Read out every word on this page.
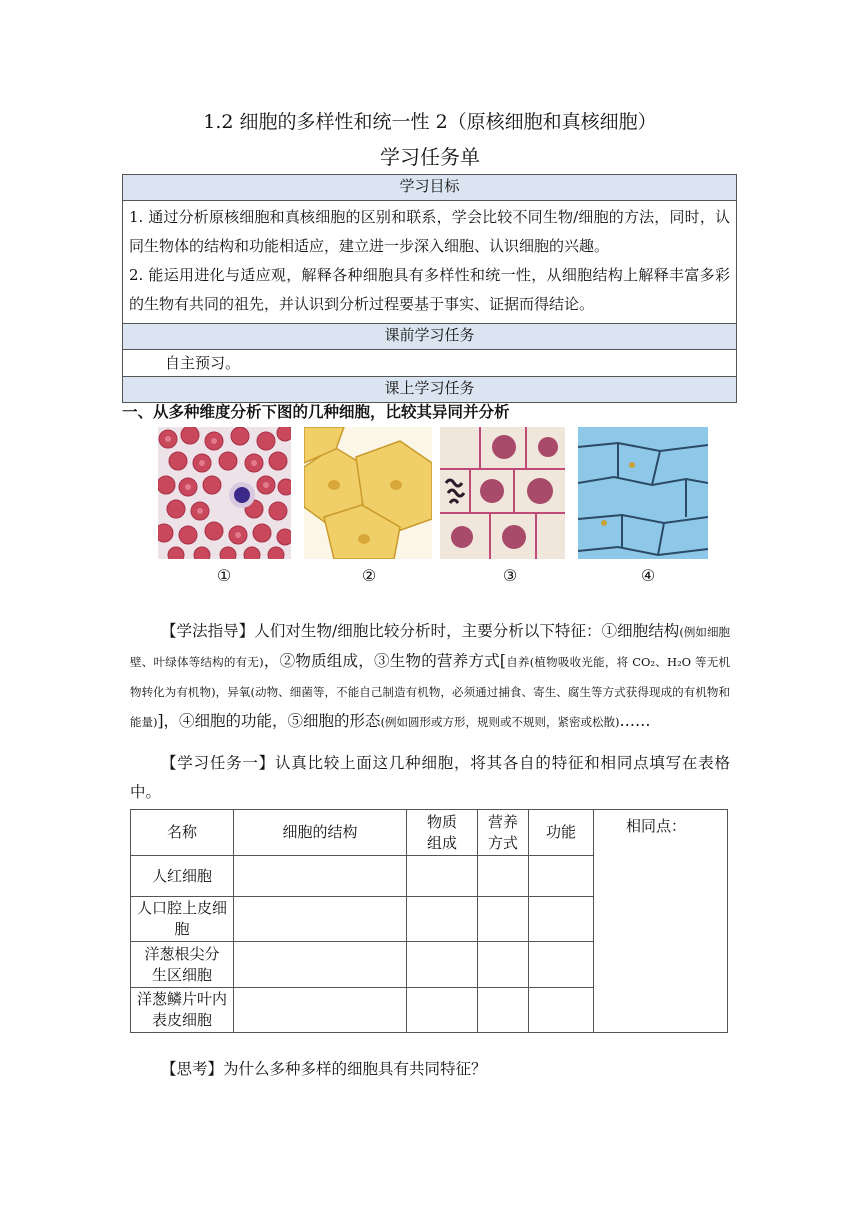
1.2 细胞的多样性和统一性 2（原核细胞和真核细胞）
学习任务单
学习目标
1. 通过分析原核细胞和真核细胞的区别和联系，学会比较不同生物/细胞的方法，同时，认同生物体的结构和功能相适应，建立进一步深入细胞、认识细胞的兴趣。
2. 能运用进化与适应观，解释各种细胞具有多样性和统一性，从细胞结构上解释丰富多彩的生物有共同的祖先，并认识到分析过程要基于事实、证据而得结论。
课前学习任务
自主预习。
课上学习任务
一、从多种维度分析下图的几种细胞，比较其异同并分析
①	②	③	④
【学法指导】人们对生物/细胞比较分析时，主要分析以下特征：①细胞结构(例如细胞壁、叶绿体等结构的有无)，②物质组成，③生物的营养方式[自养(植物吸收光能，将 CO₂、H₂O 等无机物转化为有机物)，异氧(动物、细菌等，不能自己制造有机物，必须通过捕食、寄生、腐生等方式获得现成的有机物和能量)]，④细胞的功能，⑤细胞的形态(例如圆形或方形，规则或不规则，紧密或松散)……
【学习任务一】认真比较上面这几种细胞，将其各自的特征和相同点填写在表格中。
名称	细胞的结构	物质组成	营养方式	功能	相同点：
人红细胞					

人口腔上皮细胞					

洋葱根尖分生区细胞					

洋葱鳞片叶内表皮细胞					

【思考】为什么多种多样的细胞具有共同特征？
